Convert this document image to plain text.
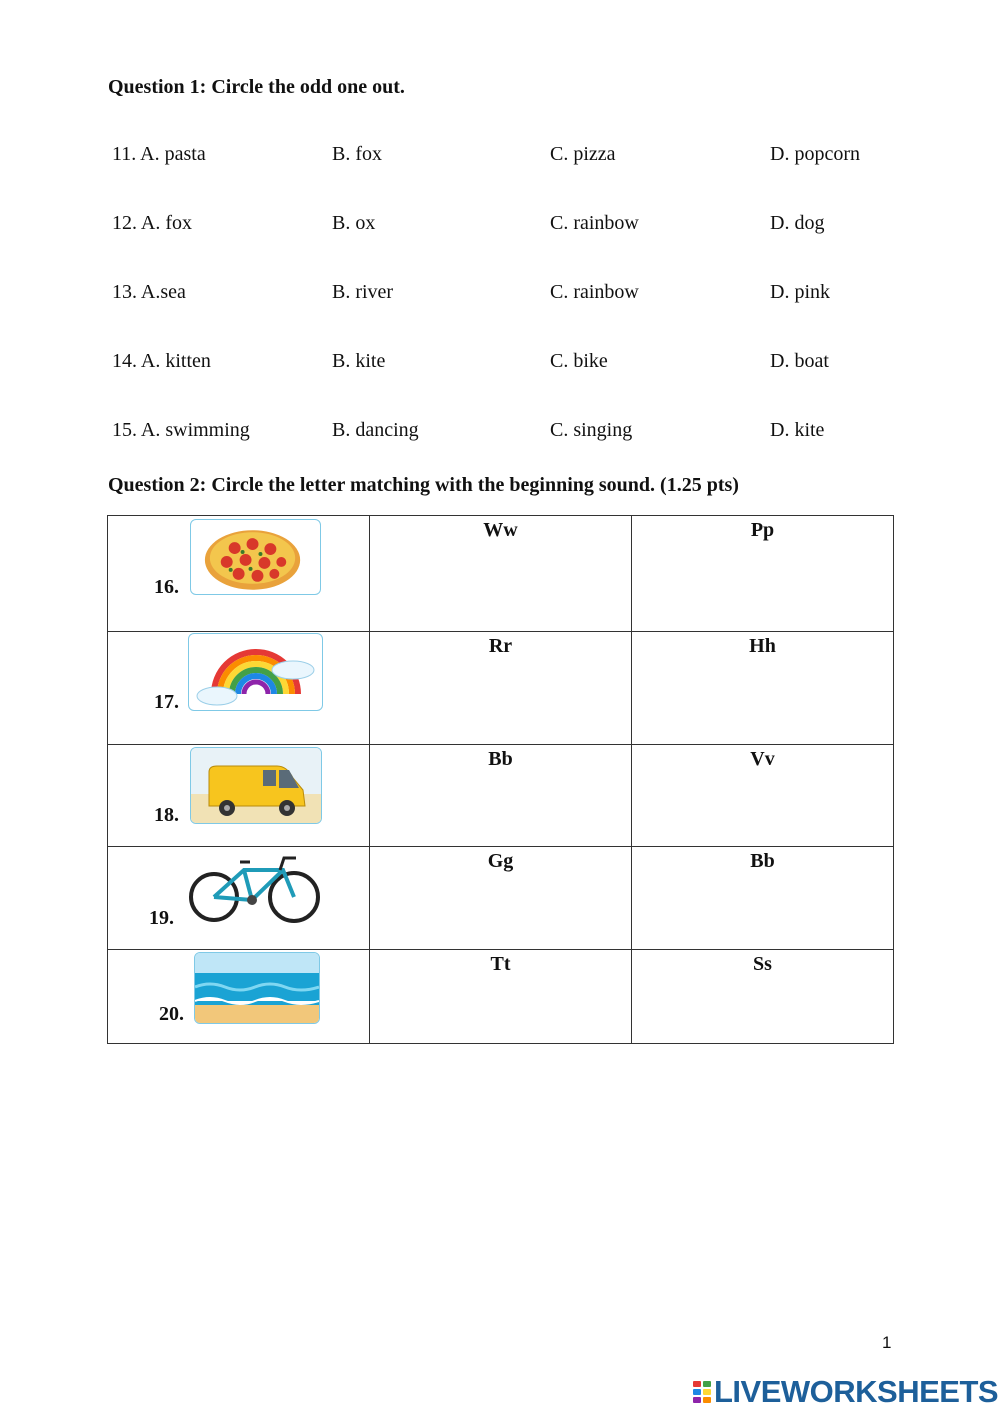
Question 1: Circle the odd one out.
11. A. pasta	B. fox	C. pizza	D. popcorn
12. A. fox	B. ox	C. rainbow	D. dog
13. A.sea	B. river	C. rainbow	D. pink
14. A. kitten	B. kite	C. bike	D. boat
15. A. swimming	B. dancing	C. singing	D. kite
Question 2: Circle the letter matching with the beginning sound. (1.25 pts)
16.	Ww	Pp

17.	Rr	Hh

18.	Bb	Vv

19.	Gg	Bb

20.	Tt	Ss
1
LIVEWORKSHEETS
